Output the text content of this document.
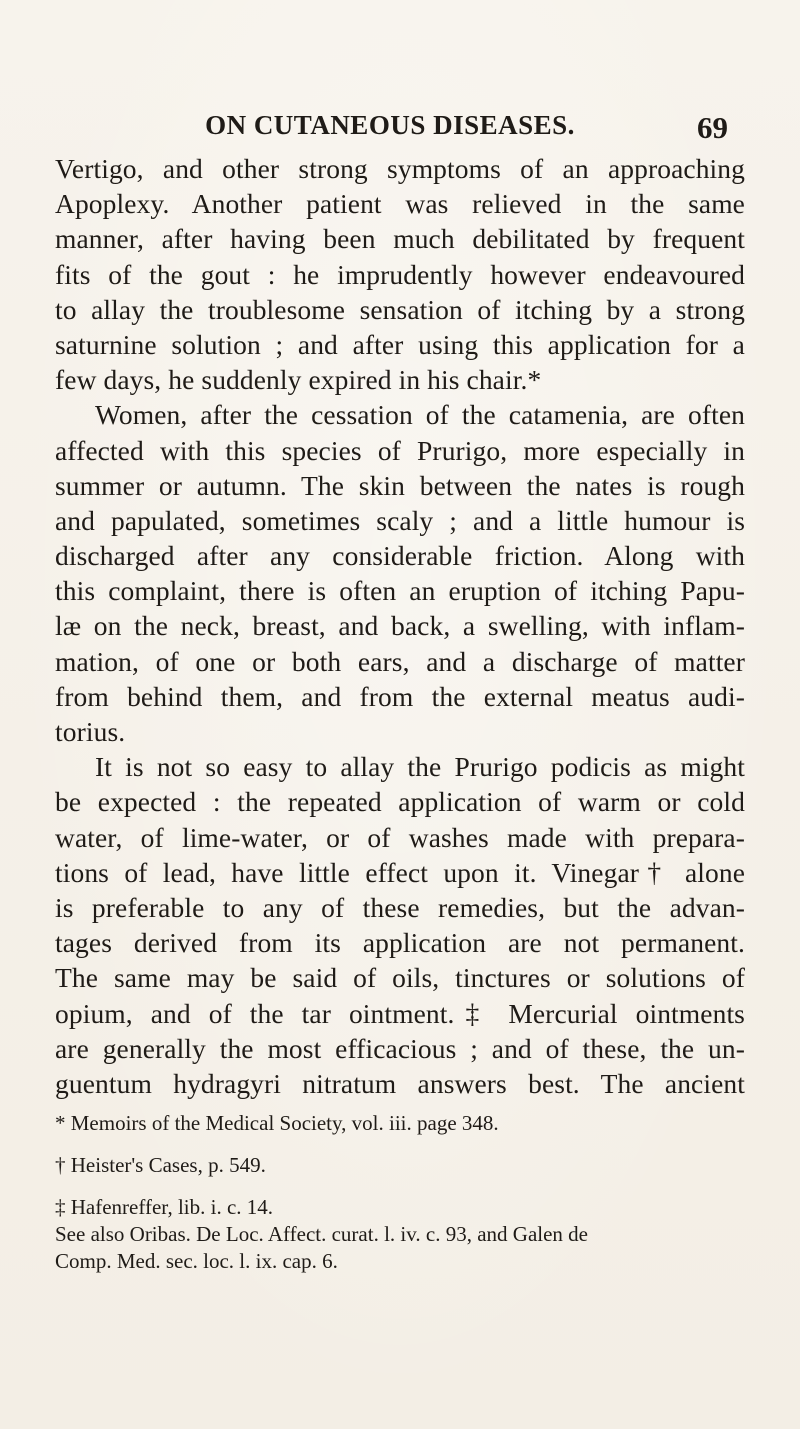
ON CUTANEOUS DISEASES.	69
Vertigo, and other strong symptoms of an approaching
Apoplexy. Another patient was relieved in the same
manner, after having been much debilitated by frequent
fits of the gout : he imprudently however endeavoured
to allay the troublesome sensation of itching by a strong
saturnine solution ; and after using this application for a
few days, he suddenly expired in his chair.*
Women, after the cessation of the catamenia, are often
affected with this species of Prurigo, more especially in
summer or autumn. The skin between the nates is rough
and papulated, sometimes scaly ; and a little humour is
discharged after any considerable friction. Along with
this complaint, there is often an eruption of itching Papu-
læ on the neck, breast, and back, a swelling, with inflam-
mation, of one or both ears, and a discharge of matter
from behind them, and from the external meatus audi-
torius.
It is not so easy to allay the Prurigo podicis as might
be expected : the repeated application of warm or cold
water, of lime-water, or of washes made with prepara-
tions of lead, have little effect upon it. Vinegar† alone
is preferable to any of these remedies, but the advan-
tages derived from its application are not permanent.
The same may be said of oils, tinctures or solutions of
opium, and of the tar ointment.‡ Mercurial ointments
are generally the most efficacious ; and of these, the un-
guentum hydragyri nitratum answers best. The ancient
* Memoirs of the Medical Society, vol. iii. page 348.
† Heister's Cases, p. 549.
‡ Hafenreffer, lib. i. c. 14.
See also Oribas. De Loc. Affect. curat. l. iv. c. 93, and Galen de
Comp. Med. sec. loc. l. ix. cap. 6.
